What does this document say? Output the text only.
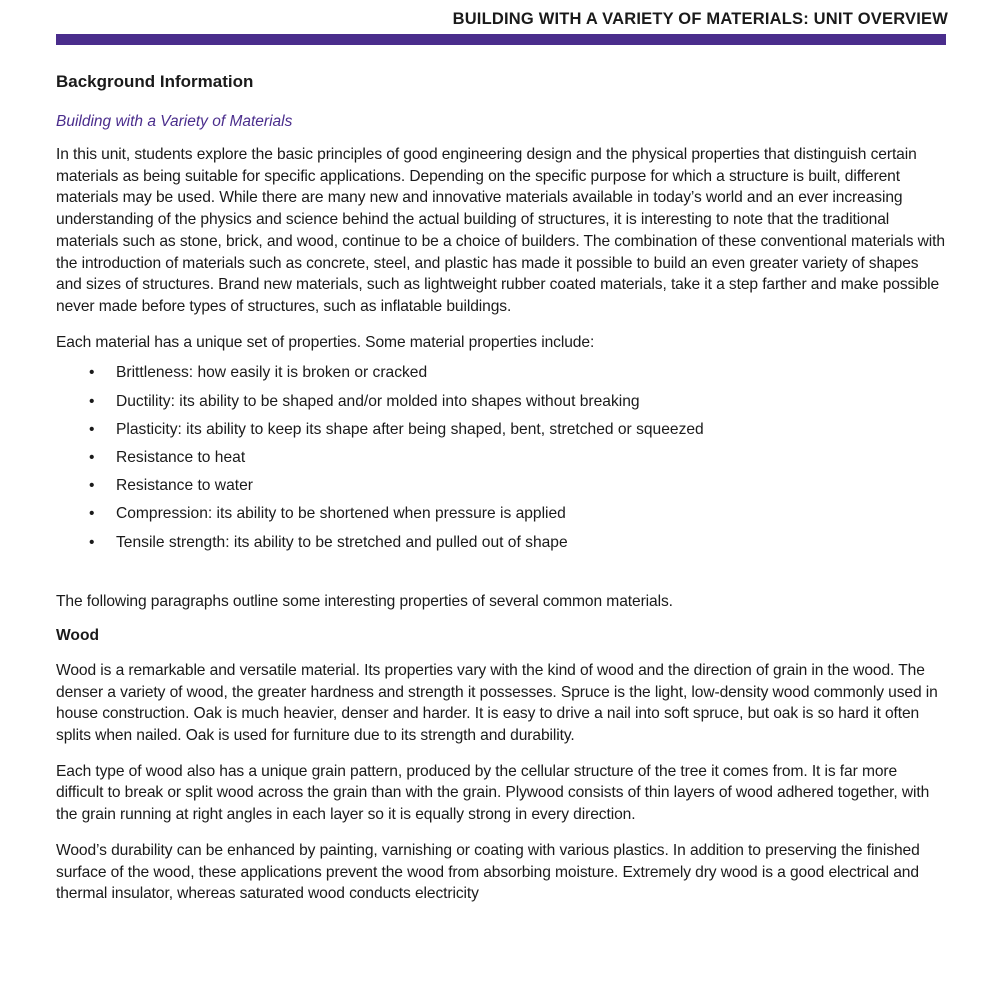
BUILDING WITH A VARIETY OF MATERIALS: UNIT OVERVIEW
Background Information
Building with a Variety of Materials

In this unit, students explore the basic principles of good engineering design and the physical properties that distinguish certain materials as being suitable for specific applications. Depending on the specific purpose for which a structure is built, different materials may be used. While there are many new and innovative materials available in today’s world and an ever increasing understanding of the physics and science behind the actual building of structures, it is interesting to note that the traditional materials such as stone, brick, and wood, continue to be a choice of builders. The combination of these conventional materials with the introduction of materials such as concrete, steel, and plastic has made it possible to build an even greater variety of shapes and sizes of structures. Brand new materials, such as lightweight rubber coated materials, take it a step farther and make possible never made before types of structures, such as inflatable buildings.

Each material has a unique set of properties. Some material properties include:

• Brittleness: how easily it is broken or cracked
• Ductility: its ability to be shaped and/or molded into shapes without breaking
• Plasticity: its ability to keep its shape after being shaped, bent, stretched or squeezed
• Resistance to heat
• Resistance to water
• Compression: its ability to be shortened when pressure is applied
• Tensile strength: its ability to be stretched and pulled out of shape

The following paragraphs outline some interesting properties of several common materials.

Wood

Wood is a remarkable and versatile material. Its properties vary with the kind of wood and the direction of grain in the wood. The denser a variety of wood, the greater hardness and strength it possesses. Spruce is the light, low-density wood commonly used in house construction. Oak is much heavier, denser and harder. It is easy to drive a nail into soft spruce, but oak is so hard it often splits when nailed. Oak is used for furniture due to its strength and durability.

Each type of wood also has a unique grain pattern, produced by the cellular structure of the tree it comes from. It is far more difficult to break or split wood across the grain than with the grain. Plywood consists of thin layers of wood adhered together, with the grain running at right angles in each layer so it is equally strong in every direction.

Wood’s durability can be enhanced by painting, varnishing or coating with various plastics. In addition to preserving the finished surface of the wood, these applications prevent the wood from absorbing moisture. Extremely dry wood is a good electrical and thermal insulator, whereas saturated wood conducts electricity
